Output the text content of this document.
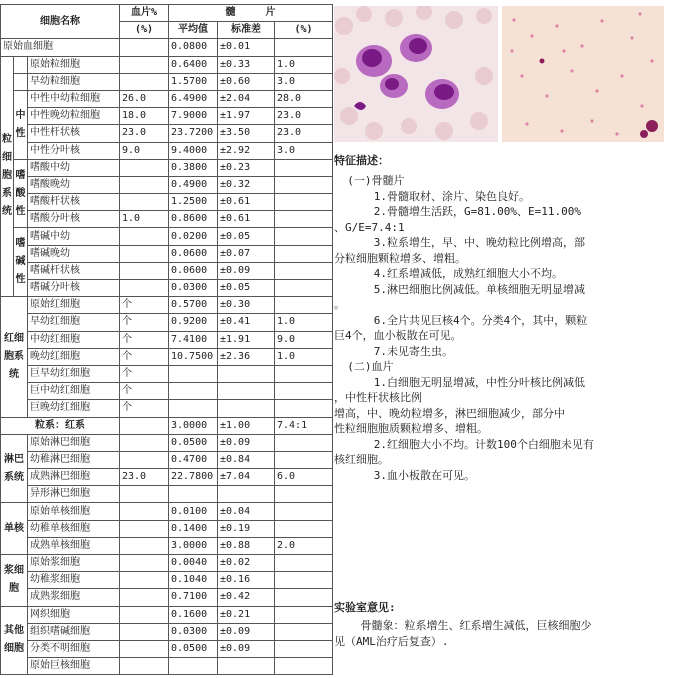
细胞名称			血片%	髓　　　片		
			(%)	平均值	标准差	(%)
原始血细胞				0.0800	±0.01	
粒细胞系统		原始粒细胞		0.6400	±0.33	1.0
		早幼粒细胞		1.5700	±0.60	3.0
	中性	中性中幼粒细胞	26.0	6.4900	±2.04	28.0
		中性晚幼粒细胞	18.0	7.9000	±1.97	23.0
		中性杆状核	23.0	23.7200	±3.50	23.0
		中性分叶核	9.0	9.4000	±2.92	3.0
	嗜酸性	嗜酸中幼		0.3800	±0.23	
		嗜酸晚幼		0.4900	±0.32	
		嗜酸杆状核		1.2500	±0.61	
		嗜酸分叶核	1.0	0.8600	±0.61	
	嗜碱性	嗜碱中幼		0.0200	±0.05	
		嗜碱晚幼		0.0600	±0.07	
		嗜碱杆状核		0.0600	±0.09	
		嗜碱分叶核		0.0300	±0.05	
红细胞系统		原始红细胞	个	0.5700	±0.30	
		早幼红细胞	个	0.9200	±0.41	1.0
		中幼红细胞	个	7.4100	±1.91	9.0
		晚幼红细胞	个	10.7500	±2.36	1.0
		巨早幼红细胞	个			
		巨中幼红细胞	个			
		巨晚幼红细胞	个			
粒系：红系				3.0000	±1.00	7.4:1
淋巴系统		原始淋巴细胞		0.0500	±0.09	
		幼稚淋巴细胞		0.4700	±0.84	
		成熟淋巴细胞	23.0	22.7800	±7.04	6.0
		异形淋巴细胞				
单核		原始单核细胞		0.0100	±0.04	
		幼稚单核细胞		0.1400	±0.19	
		成熟单核细胞		3.0000	±0.88	2.0
浆细胞		原始浆细胞		0.0040	±0.02	
		幼稚浆细胞		0.1040	±0.16	
		成熟浆细胞		0.7100	±0.42	
其他细胞		网织细胞		0.1600	±0.21	
		组织嗜碱细胞		0.0300	±0.09	
		分类不明细胞		0.0500	±0.09	
		原始巨核细胞				
特征描述：
(一)骨髓片
1.骨髓取材、涂片、染色良好。
2.骨髓增生活跃，G=81.00%、E=11.00%
、G/E=7.4:1
3.粒系增生，早、中、晚幼粒比例增高，部
分粒细胞颗粒增多、增粗。
4.红系增减低，成熟红细胞大小不均。
5.淋巴细胞比例减低。单核细胞无明显增减
。
6.全片共见巨核4个。分类4个，其中，颗粒
巨4个，血小板散在可见。
7.未见寄生虫。
(二)血片
1.白细胞无明显增减，中性分叶核比例减低
，中性杆状核比例
增高，中、晚幼粒增多，淋巴细胞减少，部分中
性粒细胞胞质颗粒增多、增粗。
2.红细胞大小不均。计数100个白细胞未见有
核红细胞。
3.血小板散在可见。
实验室意见:
骨髓象：粒系增生、红系增生减低，巨核细胞少
见（AML治疗后复查）.
